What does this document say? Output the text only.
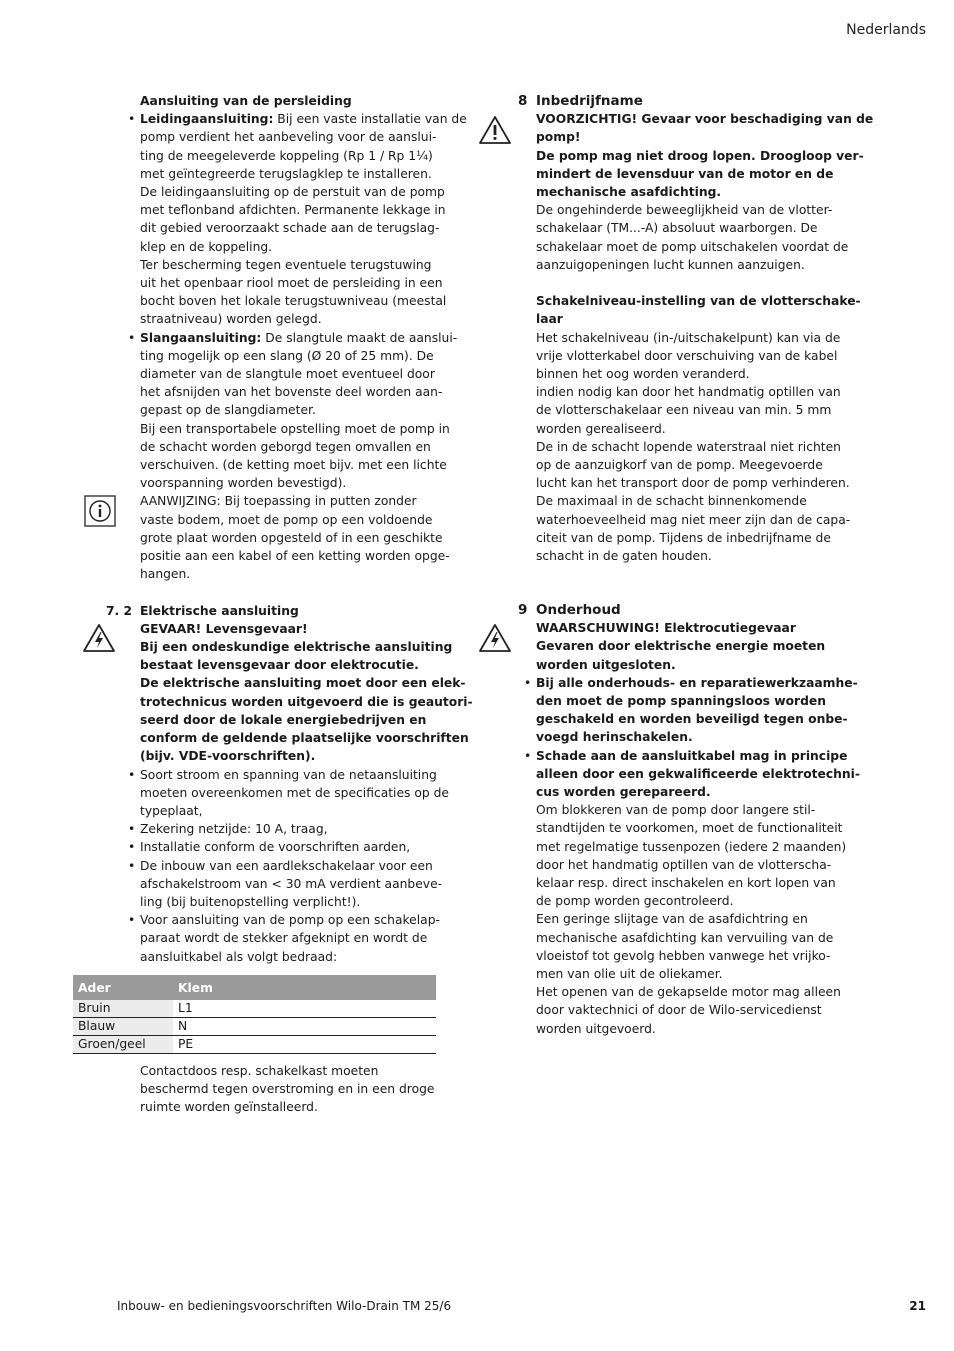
Nederlands
Aansluiting van de persleiding
• Leidingaansluiting: Bij een vaste installatie van de
pomp verdient het aanbeveling voor de aanslui-
ting de meegeleverde koppeling (Rp 1 / Rp 1¼)
met geïntegreerde terugslagklep te installeren.
De leidingaansluiting op de perstuit van de pomp
met teflonband afdichten. Permanente lekkage in
dit gebied veroorzaakt schade aan de terugslag-
klep en de koppeling.
Ter bescherming tegen eventuele terugstuwing
uit het openbaar riool moet de persleiding in een
bocht boven het lokale terugstuwniveau (meestal
straatniveau) worden gelegd.
• Slangaansluiting: De slangtule maakt de aanslui-
ting mogelijk op een slang (Ø 20 of 25 mm). De
diameter van de slangtule moet eventueel door
het afsnijden van het bovenste deel worden aan-
gepast op de slangdiameter.
Bij een transportabele opstelling moet de pomp in
de schacht worden geborgd tegen omvallen en
verschuiven. (de ketting moet bijv. met een lichte
voorspanning worden bevestigd).
AANWIJZING: Bij toepassing in putten zonder
vaste bodem, moet de pomp op een voldoende
grote plaat worden opgesteld of in een geschikte
positie aan een kabel of een ketting worden opge-
hangen.
7. 2 Elektrische aansluiting
GEVAAR! Levensgevaar!
Bij een ondeskundige elektrische aansluiting
bestaat levensgevaar door elektrocutie.
De elektrische aansluiting moet door een elek-
trotechnicus worden uitgevoerd die is geautori-
seerd door de lokale energiebedrijven en
conform de geldende plaatselijke voorschriften
(bijv. VDE-voorschriften).
• Soort stroom en spanning van de netaansluiting
moeten overeenkomen met de specificaties op de
typeplaat,
• Zekering netzijde: 10 A, traag,
• Installatie conform de voorschriften aarden,
• De inbouw van een aardlekschakelaar voor een
afschakelstroom van < 30 mA verdient aanbeve-
ling (bij buitenopstelling verplicht!).
• Voor aansluiting van de pomp op een schakelap-
paraat wordt de stekker afgeknipt en wordt de
aansluitkabel als volgt bedraad:
Ader	Klem
Bruin	L1
Blauw	N
Groen/geel	PE
Contactdoos resp. schakelkast moeten
beschermd tegen overstroming en in een droge
ruimte worden geïnstalleerd.
8 Inbedrijfname
VOORZICHTIG! Gevaar voor beschadiging van de
pomp!
De pomp mag niet droog lopen. Droogloop ver-
mindert de levensduur van de motor en de
mechanische asafdichting.
De ongehinderde beweeglijkheid van de vlotter-
schakelaar (TM...-A) absoluut waarborgen. De
schakelaar moet de pomp uitschakelen voordat de
aanzuigopeningen lucht kunnen aanzuigen.
Schakelniveau-instelling van de vlotterschake-
laar
Het schakelniveau (in-/uitschakelpunt) kan via de
vrije vlotterkabel door verschuiving van de kabel
binnen het oog worden veranderd.
indien nodig kan door het handmatig optillen van
de vlotterschakelaar een niveau van min. 5 mm
worden gerealiseerd.
De in de schacht lopende waterstraal niet richten
op de aanzuigkorf van de pomp. Meegevoerde
lucht kan het transport door de pomp verhinderen.
De maximaal in de schacht binnenkomende
waterhoeveelheid mag niet meer zijn dan de capa-
citeit van de pomp. Tijdens de inbedrijfname de
schacht in de gaten houden.
9 Onderhoud
WAARSCHUWING! Elektrocutiegevaar
Gevaren door elektrische energie moeten
worden uitgesloten.
• Bij alle onderhouds- en reparatiewerkzaamhe-
den moet de pomp spanningsloos worden
geschakeld en worden beveiligd tegen onbe-
voegd herinschakelen.
• Schade aan de aansluitkabel mag in principe
alleen door een gekwalificeerde elektrotechni-
cus worden gerepareerd.
Om blokkeren van de pomp door langere stil-
standtijden te voorkomen, moet de functionaliteit
met regelmatige tussenpozen (iedere 2 maanden)
door het handmatig optillen van de vlotterscha-
kelaar resp. direct inschakelen en kort lopen van
de pomp worden gecontroleerd.
Een geringe slijtage van de asafdichtring en
mechanische asafdichting kan vervuiling van de
vloeistof tot gevolg hebben vanwege het vrijko-
men van olie uit de oliekamer.
Het openen van de gekapselde motor mag alleen
door vaktechnici of door de Wilo-servicedienst
worden uitgevoerd.
Inbouw- en bedieningsvoorschriften Wilo-Drain TM 25/6	21
